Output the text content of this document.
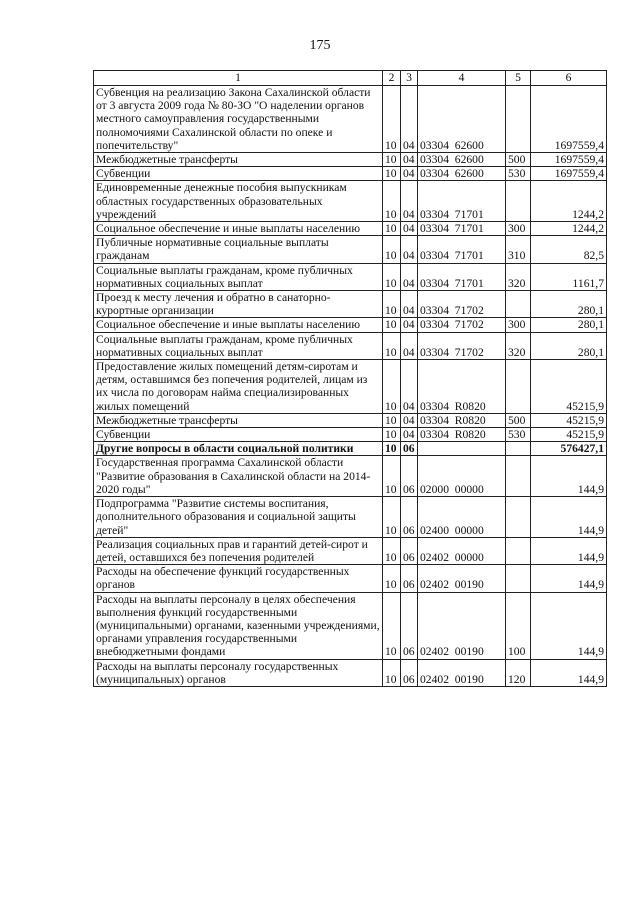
175
1	2	3	4	5	6
Субвенция на реализацию Закона Сахалинской области от 3 августа 2009 года № 80-ЗО "О наделении органов местного самоуправления государственными полномочиями Сахалинской области по опеке и попечительству"	10	04	03304  62600		1697559,4
Межбюджетные трансферты	10	04	03304  62600	500	1697559,4
Субвенции	10	04	03304  62600	530	1697559,4
Единовременные денежные пособия выпускникам областных государственных образовательных учреждений	10	04	03304  71701		1244,2
Социальное обеспечение и иные выплаты населению	10	04	03304  71701	300	1244,2
Публичные нормативные социальные выплаты гражданам	10	04	03304  71701	310	82,5
Социальные выплаты гражданам, кроме публичных нормативных социальных выплат	10	04	03304  71701	320	1161,7
Проезд к месту лечения и обратно в санаторно-курортные организации	10	04	03304  71702		280,1
Социальное обеспечение и иные выплаты населению	10	04	03304  71702	300	280,1
Социальные выплаты гражданам, кроме публичных нормативных социальных выплат	10	04	03304  71702	320	280,1
Предоставление жилых помещений детям-сиротам и детям, оставшимся без попечения родителей, лицам из их числа по договорам найма специализированных жилых помещений	10	04	03304  R0820		45215,9
Межбюджетные трансферты	10	04	03304  R0820	500	45215,9
Субвенции	10	04	03304  R0820	530	45215,9
Другие вопросы в области социальной политики	10	06			576427,1
Государственная программа Сахалинской области "Развитие образования в Сахалинской области на 2014-2020 годы"	10	06	02000  00000		144,9
Подпрограмма "Развитие системы воспитания, дополнительного образования и социальной защиты детей"	10	06	02400  00000		144,9
Реализация социальных прав и гарантий детей-сирот и детей, оставшихся без попечения родителей	10	06	02402  00000		144,9
Расходы на обеспечение функций государственных органов	10	06	02402  00190		144,9
Расходы на выплаты персоналу в целях обеспечения выполнения функций государственными (муниципальными) органами, казенными учреждениями, органами управления государственными внебюджетными фондами	10	06	02402  00190	100	144,9
Расходы на выплаты персоналу государственных (муниципальных) органов	10	06	02402  00190	120	144,9
